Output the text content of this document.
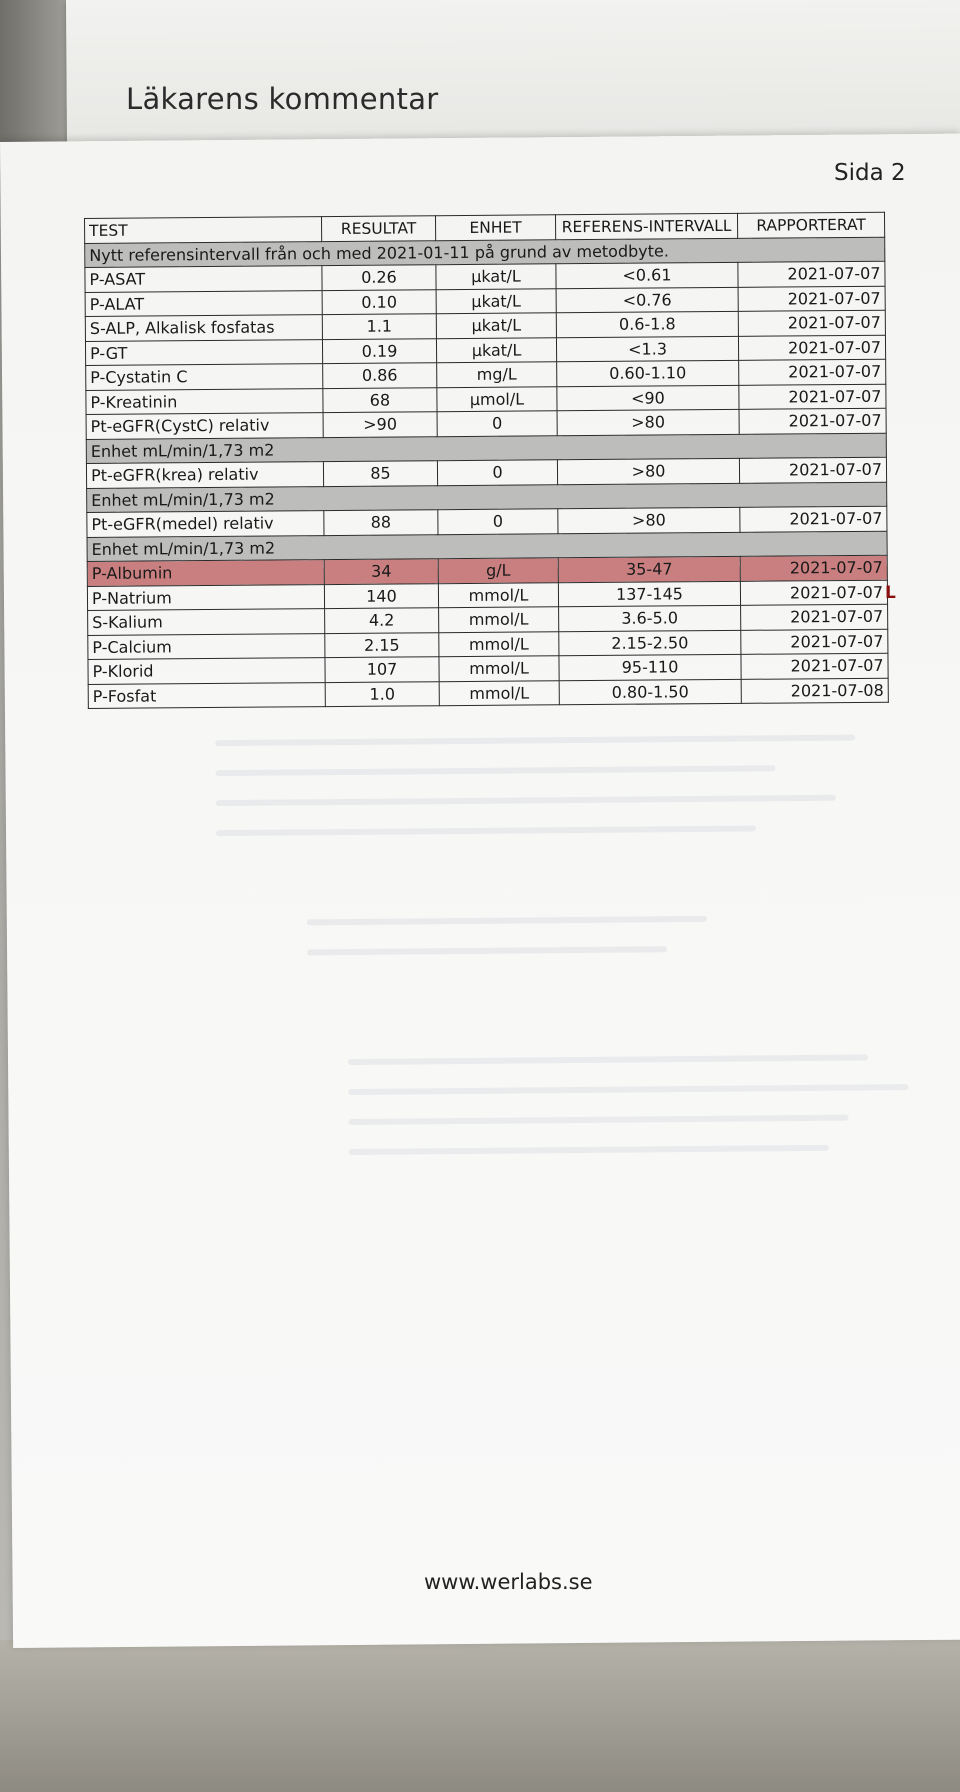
Läkarens kommentar
Sida 2
TEST	RESULTAT	ENHET	REFERENS-INTERVALL	RAPPORTERAT
Nytt referensintervall från och med 2021-01-11 på grund av metodbyte.				
P-ASAT	0.26	µkat/L	<0.61	2021-07-07
P-ALAT	0.10	µkat/L	<0.76	2021-07-07
S-ALP, Alkalisk fosfatas	1.1	µkat/L	0.6-1.8	2021-07-07
P-GT	0.19	µkat/L	<1.3	2021-07-07
P-Cystatin C	0.86	mg/L	0.60-1.10	2021-07-07
P-Kreatinin	68	µmol/L	<90	2021-07-07
Pt-eGFR(CystC) relativ	>90	0	>80	2021-07-07
Enhet mL/min/1,73 m2				
Pt-eGFR(krea) relativ	85	0	>80	2021-07-07
Enhet mL/min/1,73 m2				
Pt-eGFR(medel) relativ	88	0	>80	2021-07-07
Enhet mL/min/1,73 m2				
P-Albumin	34	g/L	35-47	2021-07-07
P-Natrium	140	mmol/L	137-145	2021-07-07
S-Kalium	4.2	mmol/L	3.6-5.0	2021-07-07
P-Calcium	2.15	mmol/L	2.15-2.50	2021-07-07
P-Klorid	107	mmol/L	95-110	2021-07-07
P-Fosfat	1.0	mmol/L	0.80-1.50	2021-07-08
L
www.werlabs.se
